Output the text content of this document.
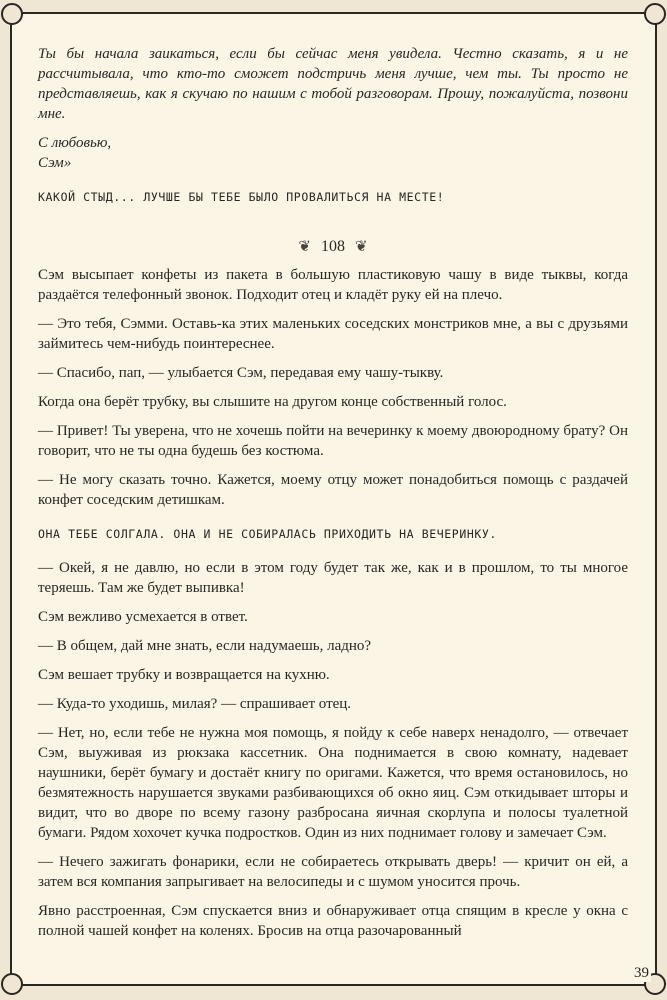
Ты бы начала заикаться, если бы сейчас меня увидела. Честно сказать, я и не рассчитывала, что кто-то сможет подстричь меня лучше, чем ты. Ты просто не представляешь, как я скучаю по нашим с тобой разговорам. Прошу, пожалуйста, позвони мне.

С любовью,

Сэм»

КАКОЙ СТЫД... ЛУЧШЕ БЫ ТЕБЕ БЫЛО ПРОВАЛИТЬСЯ НА МЕСТЕ!
❦ 108 ❦

Сэм высыпает конфеты из пакета в большую пластиковую чашу в виде тыквы, когда раздаётся телефонный звонок. Подходит отец и кладёт руку ей на плечо.

— Это тебя, Сэмми. Оставь-ка этих маленьких соседских монстриков мне, а вы с друзьями займитесь чем-нибудь поинтереснее.

— Спасибо, пап, — улыбается Сэм, передавая ему чашу-тыкву.

Когда она берёт трубку, вы слышите на другом конце собственный голос.

— Привет! Ты уверена, что не хочешь пойти на вечеринку к моему двоюродному брату? Он говорит, что не ты одна будешь без костюма.

— Не могу сказать точно. Кажется, моему отцу может понадобиться помощь с раздачей конфет соседским детишкам.

ОНА ТЕБЕ СОЛГАЛА. ОНА И НЕ СОБИРАЛАСЬ ПРИХОДИТЬ НА ВЕЧЕРИНКУ.

— Окей, я не давлю, но если в этом году будет так же, как и в прошлом, то ты многое теряешь. Там же будет выпивка!

Сэм вежливо усмехается в ответ.

— В общем, дай мне знать, если надумаешь, ладно?

Сэм вешает трубку и возвращается на кухню.

— Куда-то уходишь, милая? — спрашивает отец.

— Нет, но, если тебе не нужна моя помощь, я пойду к себе наверх ненадолго, — отвечает Сэм, выуживая из рюкзака кассетник. Она поднимается в свою комнату, надевает наушники, берёт бумагу и достаёт книгу по оригами. Кажется, что время остановилось, но безмятежность нарушается звуками разбивающихся об окно яиц. Сэм откидывает шторы и видит, что во дворе по всему газону разбросана яичная скорлупа и полосы туалетной бумаги. Рядом хохочет кучка подростков. Один из них поднимает голову и замечает Сэм.

— Нечего зажигать фонарики, если не собираетесь открывать дверь! — кричит он ей, а затем вся компания запрыгивает на велосипеды и с шумом уносится прочь.

Явно расстроенная, Сэм спускается вниз и обнаруживает отца спящим в кресле у окна с полной чашей конфет на коленях. Бросив на отца разочарованный

39
